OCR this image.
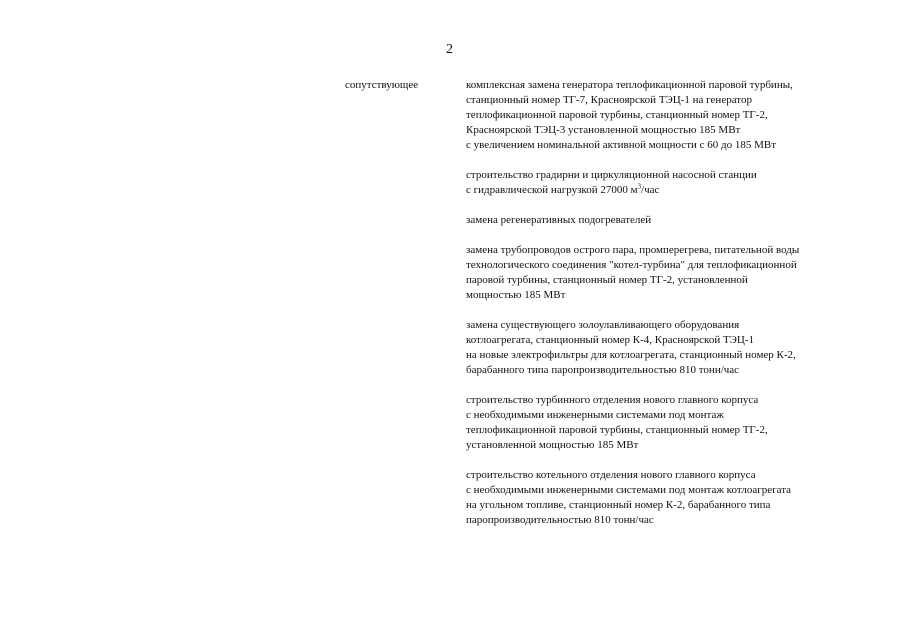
2
сопутствующее	комплексная замена генератора теплофикационной паровой турбины,
станционный номер ТГ-7, Красноярской ТЭЦ-1 на генератор
теплофикационной паровой турбины, станционный номер ТГ-2,
Красноярской ТЭЦ-3 установленной мощностью 185 МВт
с увеличением номинальной активной мощности с 60 до 185 МВт
строительство градирни и циркуляционной насосной станции
с гидравлической нагрузкой 27000 $м^3$/час
замена регенеративных подогревателей
замена трубопроводов острого пара, промперегрева, питательной воды
технологического соединения "котел-турбина" для теплофикационной
паровой турбины, станционный номер ТГ-2, установленной
мощностью 185 МВт
замена существующего золоулавливающего оборудования
котлоагрегата, станционный номер К-4, Красноярской ТЭЦ-1
на новые электрофильтры для котлоагрегата, станционный номер К-2,
барабанного типа паропроизводительностью 810 тонн/час
строительство турбинного отделения нового главного корпуса
с необходимыми инженерными системами под монтаж
теплофикационной паровой турбины, станционный номер ТГ-2,
установленной мощностью 185 МВт
строительство котельного отделения нового главного корпуса
с необходимыми инженерными системами под монтаж котлоагрегата
на угольном топливе, станционный номер К-2, барабанного типа
паропроизводительностью 810 тонн/час
